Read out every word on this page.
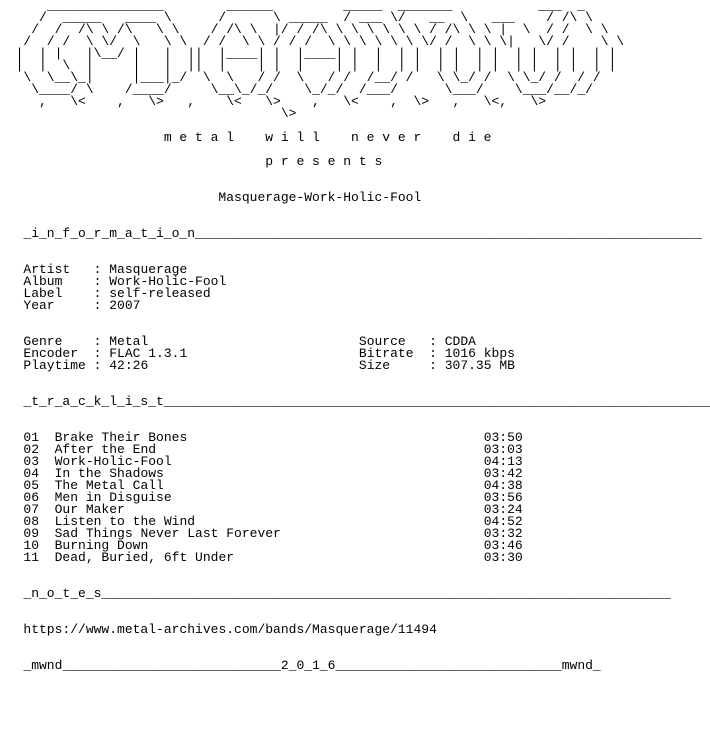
_______________        ______         _____  _______           ___  _
/  _____   ____ \      /      \ _____  / ___ \/   __  \   ___    / /\ \
/  /  /\ \ /\   \ \    / /\ \  |/ / /\ \ \ \ \ \ \ / /\ \ \ |  \  / /  \ \
/  / /  \ \/  \   \ \  / /  \ \ / / /  \ \ \ \ \ \ \/ /  \ \ \|   \/ /    \ \
|  | |   |\__/ |   |  ||  |____| |  |____| |  |  | |  | |  | |  | |  | |  | |
|  |  \  |     |   |  ||  |    | |  |    | |  |  | |  | |  | |  | |  | |  | |
\  \__\_|     |___|_/  \  \   / /  \   / /  /__/ /   \ \_/ /  \ \_/ /  / /
\____/ \    /____/     \__\_/_/    \_/_/  /___/      \___/    \___/__/_/
,   \<    ,   \>   ,    \<   \>    ,   \<    ,  \>   ,   \<,   \>
\>

m e t a l    w i l l    n e v e r    d i e

p r e s e n t s

Masquerage-Work-Holic-Fool

_i_n_f_o_r_m_a_t_i_o_n_________________________________________________________________

Artist   : Masquerage
Album    : Work-Holic-Fool
Label    : self-released
Year     : 2007

Genre    : Metal	Source   : CDDA
Encoder  : FLAC 1.3.1	Bitrate  : 1016 kbps
Playtime : 42:26	Size     : 307.35 MB

_t_r_a_c_k_l_i_s_t______________________________________________________________________

01 Brake Their Bones	03:50
02 After the End	03:03
03 Work-Holic-Fool	04:13
04 In the Shadows	03:42
05 The Metal Call	04:38
06 Men in Disguise	03:56
07 Our Maker	03:24
08 Listen to the Wind	04:52
09 Sad Things Never Last Forever	03:32
10 Burning Down	03:46
11 Dead, Buried, 6ft Under	03:30

_n_o_t_e_s_________________________________________________________________________

https://www.metal-archives.com/bands/Masquerage/11494

_mwnd____________________________2_0_1_6_____________________________mwnd_
